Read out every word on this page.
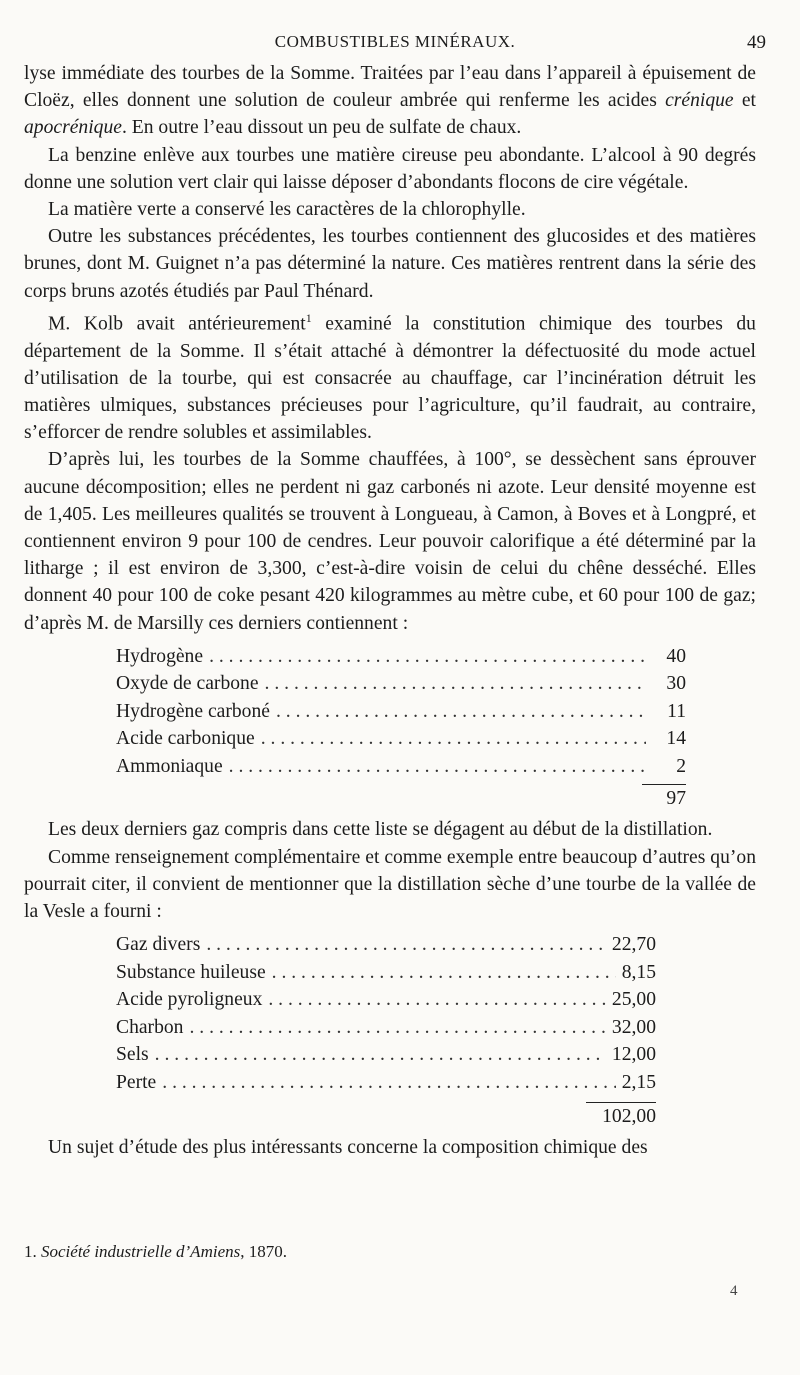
COMBUSTIBLES MINÉRAUX.	49

lyse immédiate des tourbes de la Somme. Traitées par l’eau dans l’appareil à épuisement de Cloëz, elles donnent une solution de couleur ambrée qui renferme les acides crénique et apocrénique. En outre l’eau dissout un peu de sulfate de chaux.

La benzine enlève aux tourbes une matière cireuse peu abondante. L’alcool à 90 degrés donne une solution vert clair qui laisse déposer d’abondants flocons de cire végétale.

La matière verte a conservé les caractères de la chlorophylle.

Outre les substances précédentes, les tourbes contiennent des glucosides et des matières brunes, dont M. Guignet n’a pas déterminé la nature. Ces matières rentrent dans la série des corps bruns azotés étudiés par Paul Thénard.

M. Kolb avait antérieurement$^1$ examiné la constitution chimique des tourbes du département de la Somme. Il s’était attaché à démontrer la défectuosité du mode actuel d’utilisation de la tourbe, qui est consacrée au chauffage, car l’incinération détruit les matières ulmiques, substances précieuses pour l’agriculture, qu’il faudrait, au contraire, s’efforcer de rendre solubles et assimilables.

D’après lui, les tourbes de la Somme chauffées, à 100°, se dessèchent sans éprouver aucune décomposition; elles ne perdent ni gaz carbonés ni azote. Leur densité moyenne est de 1,405. Les meilleures qualités se trouvent à Longueau, à Camon, à Boves et à Longpré, et contiennent environ 9 pour 100 de cendres. Leur pouvoir calorifique a été déterminé par la litharge ; il est environ de 3,300, c’est-à-dire voisin de celui du chêne desséché. Elles donnent 40 pour 100 de coke pesant 420 kilogrammes au mètre cube, et 60 pour 100 de gaz; d’après M. de Marsilly ces derniers contiennent :

Hydrogène . . .	40
Oxyde de carbone . . .	30
Hydrogène carboné . . .	11
Acide carbonique . . .	14
Ammoniaque . . .	2
97

Les deux derniers gaz compris dans cette liste se dégagent au début de la distillation.

Comme renseignement complémentaire et comme exemple entre beaucoup d’autres qu’on pourrait citer, il convient de mentionner que la distillation sèche d’une tourbe de la vallée de la Vesle a fourni :

Gaz divers . . .	22,70
Substance huileuse . . .	8,15
Acide pyroligneux . . .	25,00
Charbon . . .	32,00
Sels . . .	12,00
Perte . . .	2,15
102,00

Un sujet d’étude des plus intéressants concerne la composition chimique des

1. Société industrielle d’Amiens, 1870.
4
